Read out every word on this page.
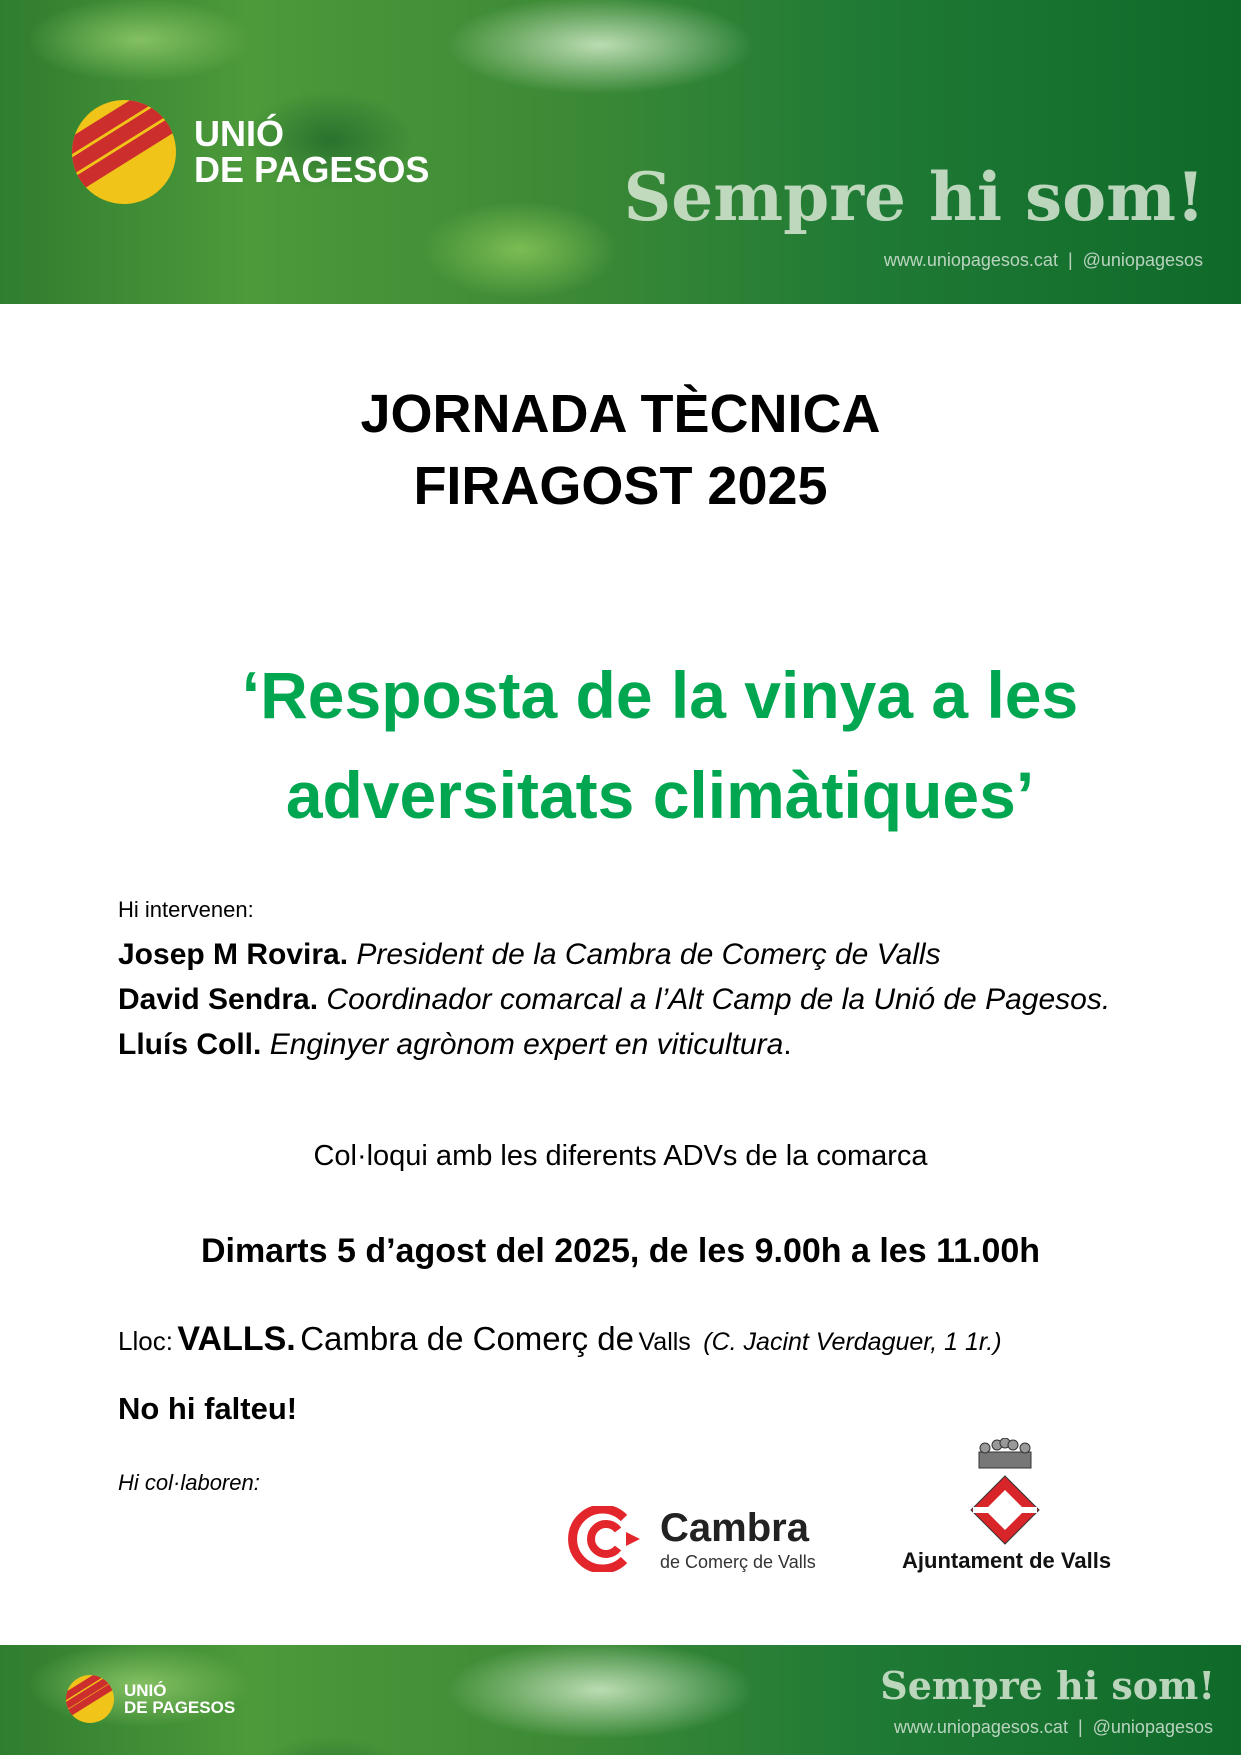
UNIÓ
DE PAGESOS	Sempre hi som!
www.uniopagesos.cat | @uniopagesos
JORNADA TÈCNICA
FIRAGOST 2025
‘Resposta de la vinya a les
adversitats climàtiques’
Hi intervenen:
Josep M Rovira. President de la Cambra de Comerç de Valls
David Sendra. Coordinador comarcal a l’Alt Camp de la Unió de Pagesos.
Lluís Coll. Enginyer agrònom expert en viticultura.
Col·loqui amb les diferents ADVs de la comarca
Dimarts 5 d’agost del 2025, de les 9.00h a les 11.00h
Lloc: VALLS. Cambra de Comerç de Valls (C. Jacint Verdaguer, 1 1r.)
No hi falteu!
Hi col·laboren:
Cambra
de Comerç de Valls	Ajuntament de Valls
UNIÓ
DE PAGESOS	Sempre hi som!
www.uniopagesos.cat | @uniopagesos
